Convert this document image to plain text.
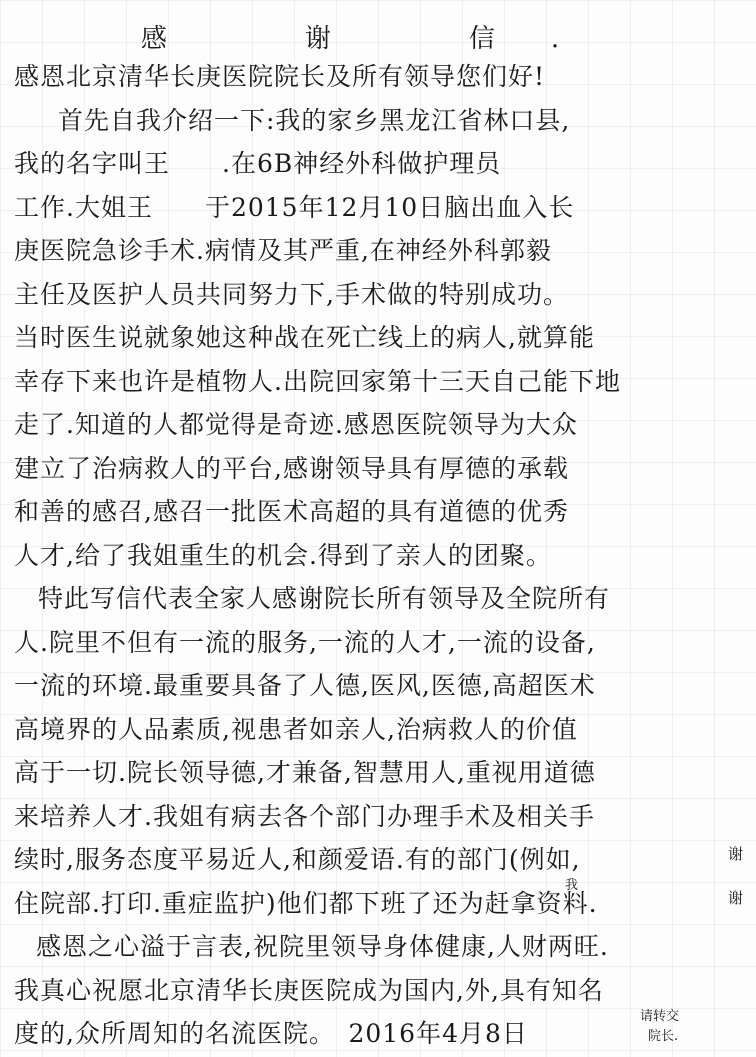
感　谢　信.
感恩北京清华长庚医院院长及所有领导您们好!
首先自我介绍一下:我的家乡黑龙江省林口县,
我的名字叫王　　.在6B神经外科做护理员
工作.大姐王　　于2015年12月10日脑出血入长
庚医院急诊手术.病情及其严重,在神经外科郭毅
主任及医护人员共同努力下,手术做的特别成功。
当时医生说就象她这种战在死亡线上的病人,就算能
幸存下来也许是植物人.出院回家第十三天自己能下地
走了.知道的人都觉得是奇迹.感恩医院领导为大众
建立了治病救人的平台,感谢领导具有厚德的承载
和善的感召,感召一批医术高超的具有道德的优秀
人才,给了我姐重生的机会.得到了亲人的团聚。
特此写信代表全家人感谢院长所有领导及全院所有
人.院里不但有一流的服务,一流的人才,一流的设备,
一流的环境.最重要具备了人德,医风,医德,高超医术
高境界的人品素质,视患者如亲人,治病救人的价值
高于一切.院长领导德,才兼备,智慧用人,重视用道德
来培养人才.我姐有病去各个部门办理手术及相关手
续时,服务态度平易近人,和颜爱语.有的部门(例如,
住院部.打印.重症监护)他们都下班了还为赶拿资料.
感恩之心溢于言表,祝院里领导身体健康,人财两旺.
我真心祝愿北京清华长庚医院成为国内,外,具有知名
度的,众所周知的名流医院。　2016年4月8日
我
谢
谢
请转交
院长.
